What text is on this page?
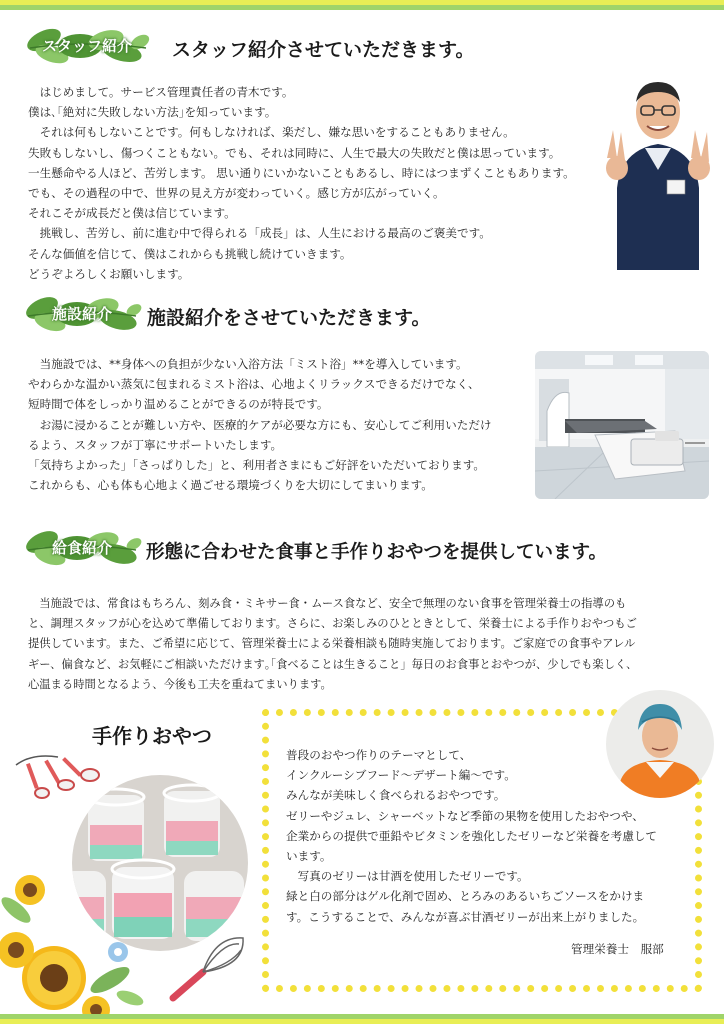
スタッフ紹介	スタッフ紹介させていただきます。

　はじめまして。サービス管理責任者の青木です。

僕は､｢絶対に失敗しない方法｣を知っています。

　それは何もしないことです。何もしなければ、楽だし、嫌な思いをすることもありません。

失敗もしないし、傷つくこともない。でも、それは同時に、人生で最大の失敗だと僕は思っています。

一生懸命やる人ほど、苦労します。 思い通りにいかないこともあるし、時にはつまずくこともあります。

でも、その過程の中で、世界の見え方が変わっていく。感じ方が広がっていく。

それこそが成長だと僕は信じています。

　挑戦し、苦労し、前に進む中で得られる「成長」は、人生における最高のご褒美です。

そんな価値を信じて、僕はこれからも挑戦し続けていきます。

どうぞよろしくお願いします。

施設紹介	施設紹介をさせていただきます。

　当施設では、**身体への負担が少ない入浴方法「ミスト浴」**を導入しています。

やわらかな温かい蒸気に包まれるミスト浴は、心地よくリラックスできるだけでなく、

短時間で体をしっかり温めることができるのが特長です。

　お湯に浸かることが難しい方や、医療的ケアが必要な方にも、安心してご利用いただけ

るよう、スタッフが丁寧にサポートいたします。

「気持ちよかった」「さっぱりした」と、利用者さまにもご好評をいただいております。

これからも、心も体も心地よく過ごせる環境づくりを大切にしてまいります。

給食紹介	形態に合わせた食事と手作りおやつを提供しています。

　当施設では、常食はもちろん、刻み食・ミキサー食・ムース食など、安全で無理のない食事を管理栄養士の指導のも

と、調理スタッフが心を込めて準備しております。さらに、お楽しみのひとときとして、栄養士による手作りおやつもご

提供しています。また、ご希望に応じて、管理栄養士による栄養相談も随時実施しております。ご家庭での食事やアレル

ギー、偏食など、お気軽にご相談いただけます｡｢食べることは生きること」毎日のお食事とおやつが、少しでも楽しく、

心温まる時間となるよう、今後も工夫を重ねてまいります。

手作りおやつ

普段のおやつ作りのテーマとして、

インクルーシブフード～デザート編～です。

みんなが美味しく食べられるおやつです。

ゼリーやジュレ、シャーベットなど季節の果物を使用したおやつや、

企業からの提供で亜鉛やビタミンを強化したゼリーなど栄養を考慮して

います。

　写真のゼリーは甘酒を使用したゼリーです。

緑と白の部分はゲル化剤で固め、とろみのあるいちごソースをかけま

す。こうすることで、みんなが喜ぶ甘酒ゼリーが出来上がりました。

管理栄養士　服部
